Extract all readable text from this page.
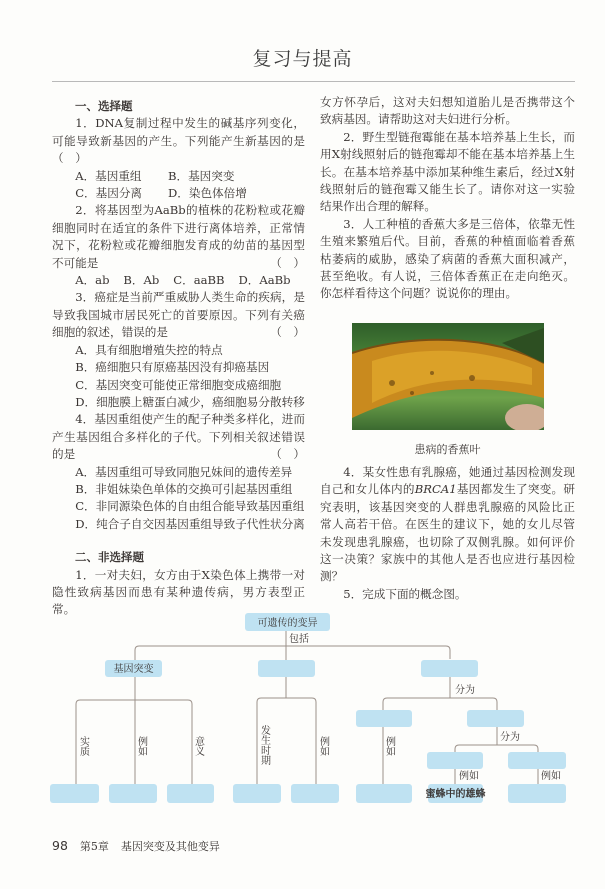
复习与提高

一、选择题

1．DNA复制过程中发生的碱基序列变化，可能导致新基因的产生。下列能产生新基因的是（　）

A．基因重组	B．基因突变
C．基因分离	D．染色体倍增

2．将基因型为AaBb的植株的花粉粒或花瓣细胞同时在适宜的条件下进行离体培养，正常情况下，花粉粒或花瓣细胞发育成的幼苗的基因型不可能是	（　）

A．ab B．Ab C．aaBB D．AaBb

3．癌症是当前严重威胁人类生命的疾病，是导致我国城市居民死亡的首要原因。下列有关癌细胞的叙述，错误的是	（　）

A．具有细胞增殖失控的特点

B．癌细胞只有原癌基因没有抑癌基因

C．基因突变可能使正常细胞变成癌细胞

D．细胞膜上糖蛋白减少，癌细胞易分散转移

4．基因重组使产生的配子种类多样化，进而产生基因组合多样化的子代。下列相关叙述错误的是	（　）

A．基因重组可导致同胞兄妹间的遗传差异

B．非姐妹染色单体的交换可引起基因重组

C．非同源染色体的自由组合能导致基因重组

D．纯合子自交因基因重组导致子代性状分离

二、非选择题

1．一对夫妇，女方由于X染色体上携带一对隐性致病基因而患有某种遗传病，男方表型正常。

女方怀孕后，这对夫妇想知道胎儿是否携带这个致病基因。请帮助这对夫妇进行分析。

2．野生型链孢霉能在基本培养基上生长，而用X射线照射后的链孢霉却不能在基本培养基上生长。在基本培养基中添加某种维生素后，经过X射线照射后的链孢霉又能生长了。请你对这一实验结果作出合理的解释。

3．人工种植的香蕉大多是三倍体，依靠无性生殖来繁殖后代。目前，香蕉的种植面临着香蕉枯萎病的威胁，感染了病菌的香蕉大面积减产，甚至绝收。有人说，三倍体香蕉正在走向绝灭。你怎样看待这个问题？说说你的理由。

患病的香蕉叶

4．某女性患有乳腺癌，她通过基因检测发现自己和女儿体内的BRCA1基因都发生了突变。研究表明，该基因突变的人群患乳腺癌的风险比正常人高若干倍。在医生的建议下，她的女儿尽管未发现患乳腺癌，也切除了双侧乳腺。如何评价这一决策？家族中的其他人是否也应进行基因检测？

5．完成下面的概念图。

可遗传的变异
包括
基因突变
分为
分为
例如	例如
蜜蜂中的雄蜂
实质	例如	意义	发生时期	例如	例如
98 第5章 基因突变及其他变异
